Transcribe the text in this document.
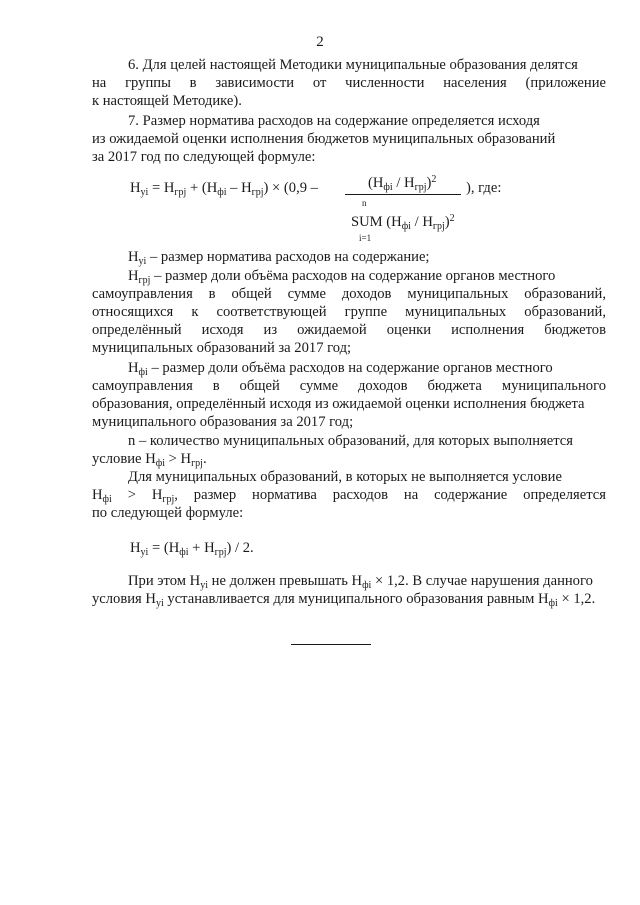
2
6. Для целей настоящей Методики муниципальные образования делятся
на группы в зависимости от численности населения (приложение
к настоящей Методике).
7. Размер норматива расходов на содержание определяется исходя
из ожидаемой оценки исполнения бюджетов муниципальных образований
за 2017 год по следующей формуле:
$Н_{уі} = Н_{грj} + (Н_{фі} - Н_{грj}) \times (0,9$ –	$(Н_{фі} / Н_{грj})^2$
), где:
n
SUM $(Н_{фі} / Н_{грj})^2$
i=1
$Н_{уі}$ – размер норматива расходов на содержание;
$Н_{грj}$ – размер доли объёма расходов на содержание органов местного
самоуправления в общей сумме доходов муниципальных образований,
относящихся к соответствующей группе муниципальных образований,
определённый исходя из ожидаемой оценки исполнения бюджетов
муниципальных образований за 2017 год;
$Н_{фі}$ – размер доли объёма расходов на содержание органов местного
самоуправления в общей сумме доходов бюджета муниципального
образования, определённый исходя из ожидаемой оценки исполнения бюджета
муниципального образования за 2017 год;
n – количество муниципальных образований, для которых выполняется
условие $Н_{фі} > Н_{грj}$.
Для муниципальных образований, в которых не выполняется условие
$Н_{фі} > Н_{грj}$, размер норматива расходов на содержание определяется
по следующей формуле:
$Н_{уі} = (Н_{фі} + Н_{грj}) / 2$.
При этом $Н_{уі}$ не должен превышать $Н_{фі} \times 1,2$. В случае нарушения данного
условия $Н_{уі}$ устанавливается для муниципального образования равным $Н_{фі} \times 1,2$.
